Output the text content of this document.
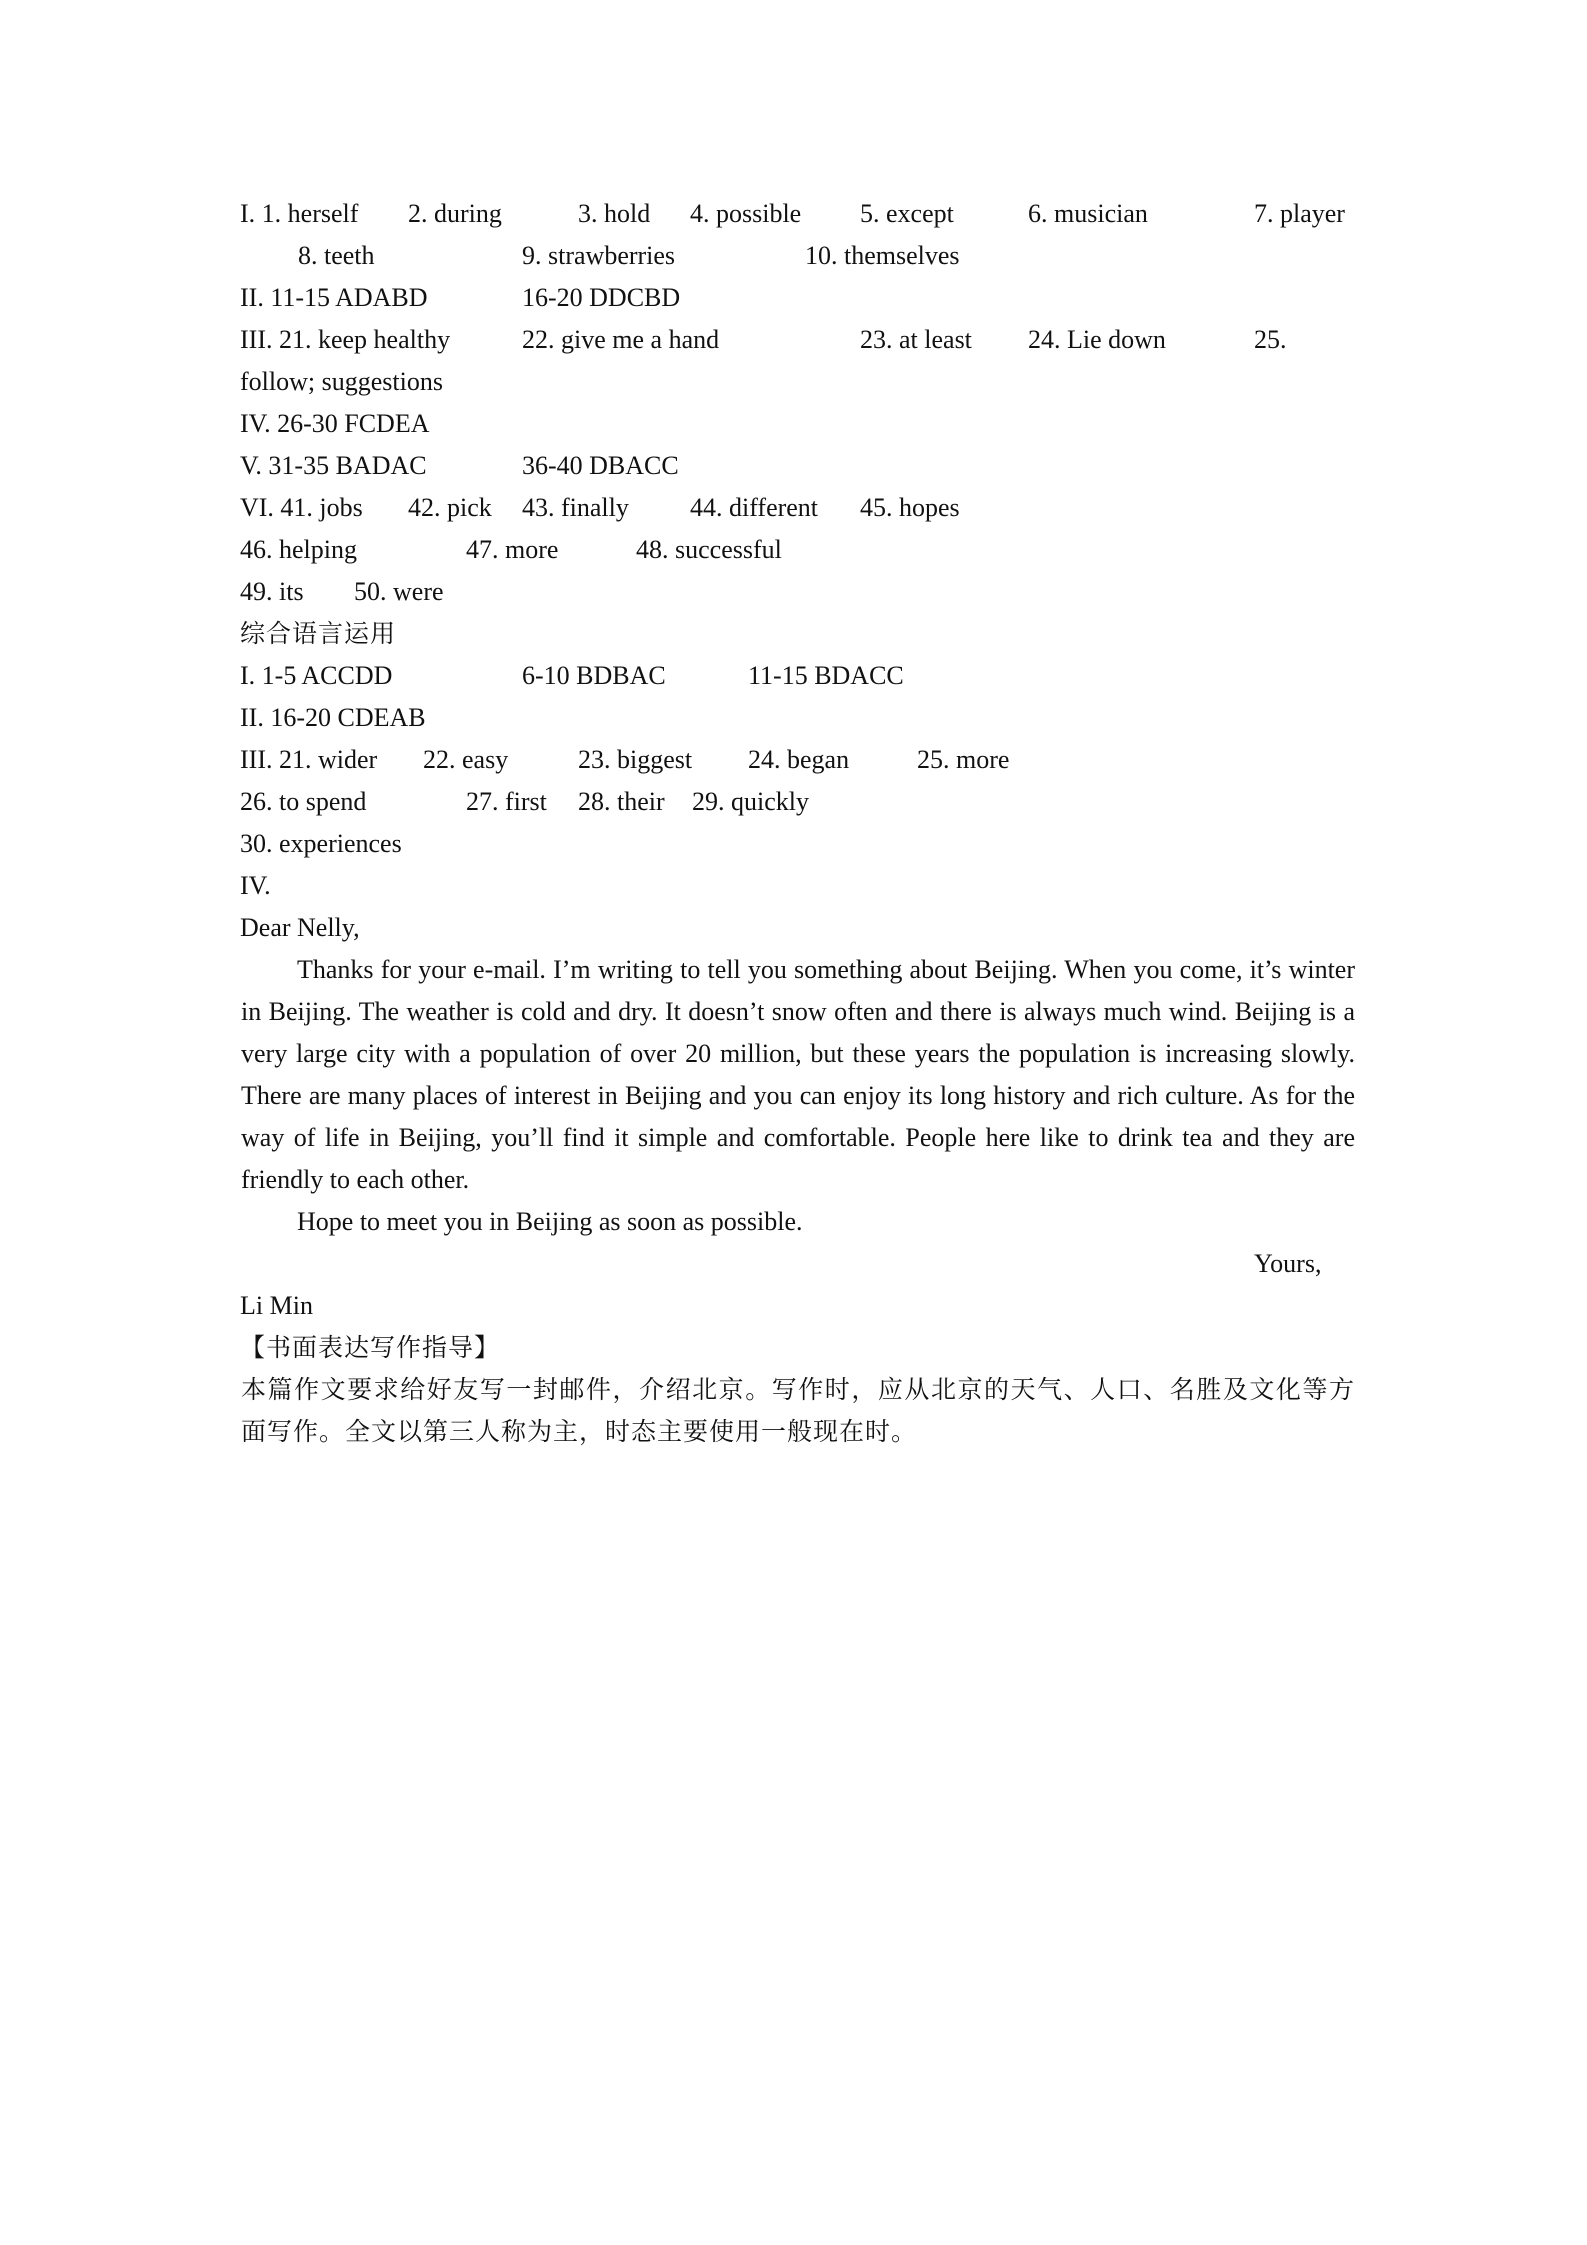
I. 1. herself 2. during	3. hold 4. possible 5. except	6. musician	7. player
8. teeth	9. strawberries	10. themselves
II. 11-15 ADABD	16-20 DDCBD
III. 21. keep healthy	22. give me a hand	23. at least 24. Lie down	25.
follow; suggestions
IV. 26-30 FCDEA
V. 31-35 BADAC	36-40 DBACC
VI. 41. jobs 42. pick 43. finally 44. different 45. hopes
46. helping	47. more	48. successful
49. its 50. were
综合语言运用
I. 1-5 ACCDD	6-10 BDBAC	11-15 BDACC
II. 16-20 CDEAB
III. 21. wider 22. easy	23. biggest 24. began	25. more
26. to spend	27. first 28. their 29. quickly
30. experiences
IV.
Dear Nelly,

Thanks for your e-mail. I’m writing to tell you something about Beijing. When you come, it’s winter in Beijing. The weather is cold and dry. It doesn’t snow often and there is always much wind. Beijing is a very large city with a population of over 20 million, but these years the population is increasing slowly. There are many places of interest in Beijing and you can enjoy its long history and rich culture. As for the way of life in Beijing, you’ll find it simple and comfortable. People here like to drink tea and they are friendly to each other.

Hope to meet you in Beijing as soon as possible.

Yours,
Li Min
【书面表达写作指导】
本篇作文要求给好友写一封邮件，介绍北京。写作时，应从北京的天气、人口、名胜及文化等方面写作。全文以第三人称为主，时态主要使用一般现在时。
